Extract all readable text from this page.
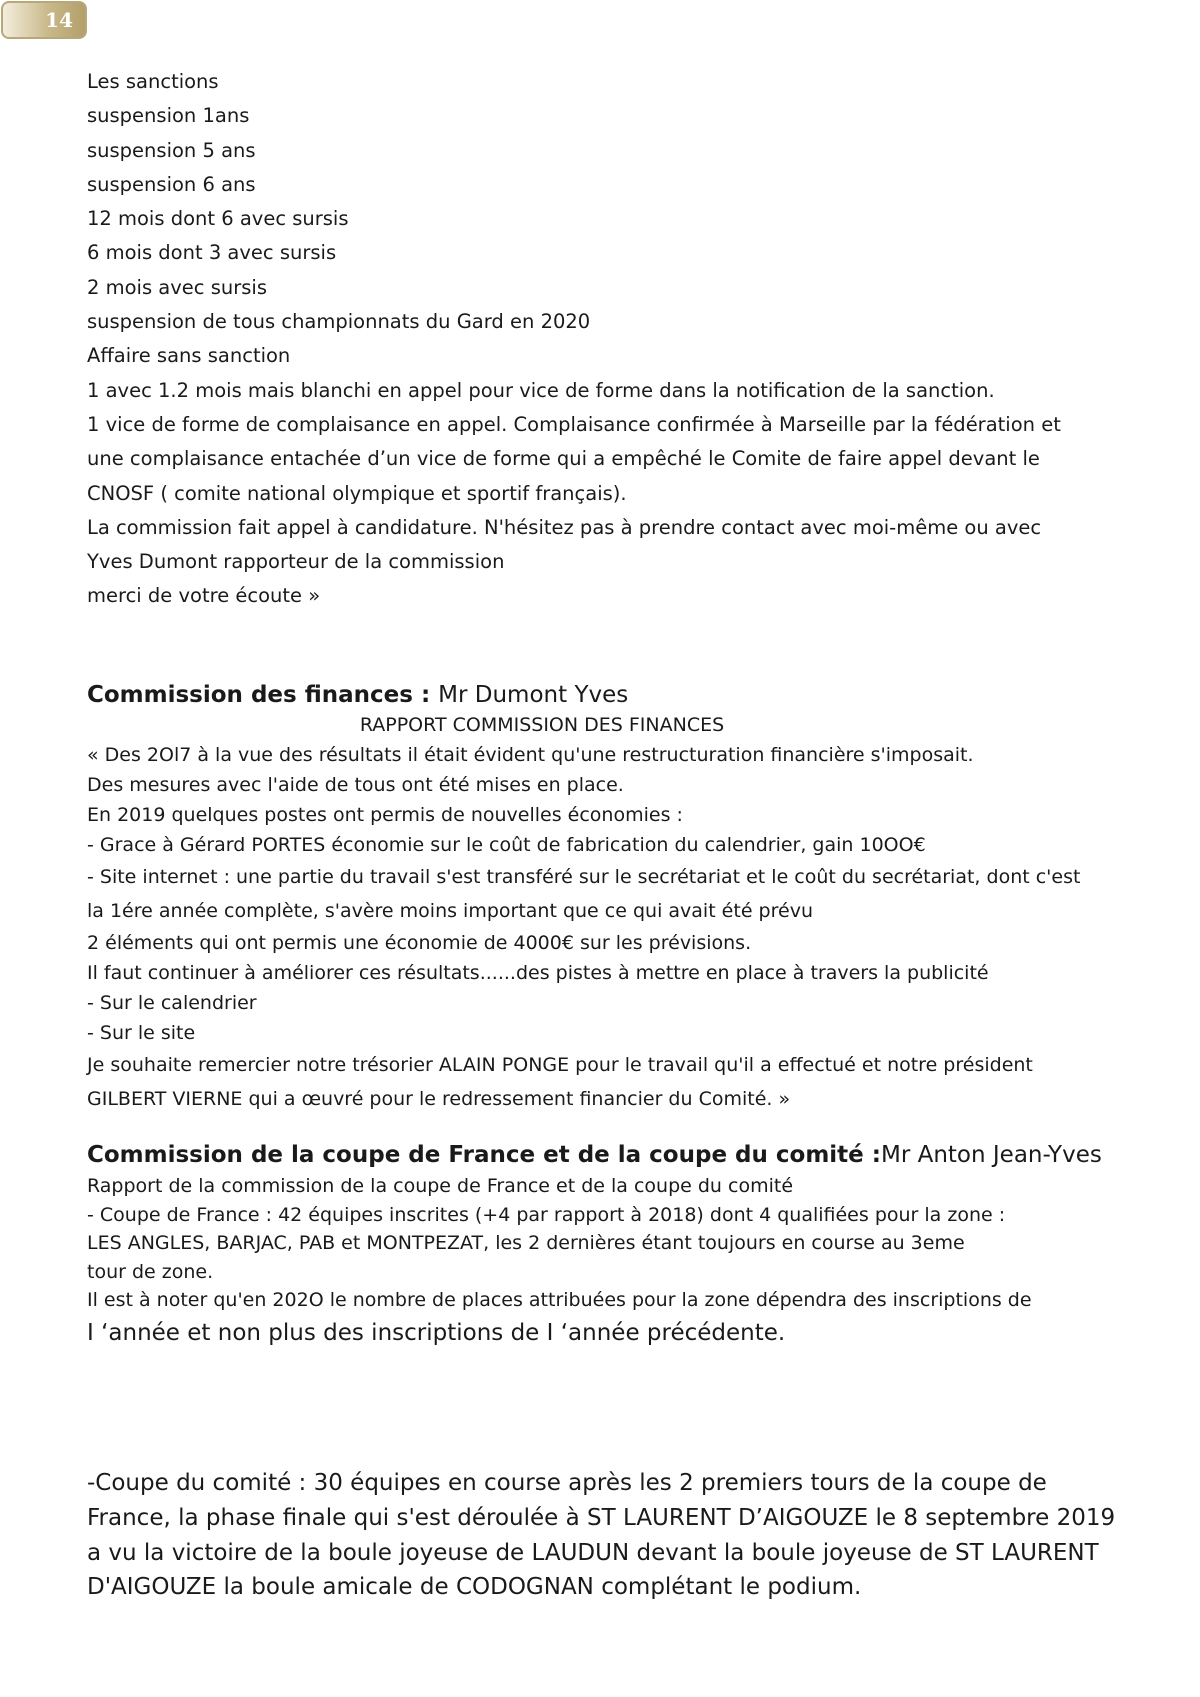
14
Les sanctions
suspension 1ans
suspension 5 ans
suspension 6 ans
12 mois dont 6 avec sursis
6 mois dont 3 avec sursis
2 mois avec sursis
suspension de tous championnats du Gard en 2020
Affaire sans sanction
1 avec 1.2 mois mais blanchi en appel pour vice de forme dans la notification de la sanction.
1 vice de forme de complaisance en appel. Complaisance confirmée à Marseille par la fédération et
une complaisance entachée d’un vice de forme qui a empêché le Comite de faire appel devant le
CNOSF ( comite national olympique et sportif français).
La commission fait appel à candidature. N'hésitez pas à prendre contact avec moi-même ou avec
Yves Dumont rapporteur de la commission
merci de votre écoute »
Commission des finances : Mr Dumont Yves
RAPPORT COMMISSION DES FINANCES
« Des 2Ol7 à la vue des résultats il était évident qu'une restructuration financière s'imposait.
Des mesures avec l'aide de tous ont été mises en place.
En 2019 quelques postes ont permis de nouvelles économies :
- Grace à Gérard PORTES économie sur le coût de fabrication du calendrier, gain 10OO€
- Site internet : une partie du travail s'est transféré sur le secrétariat et le coût du secrétariat, dont c'est
la 1ére année complète, s'avère moins important que ce qui avait été prévu
2 éléments qui ont permis une économie de 4000€ sur les prévisions.
Il faut continuer à améliorer ces résultats......des pistes à mettre en place à travers la publicité
- Sur le calendrier
- Sur le site
Je souhaite remercier notre trésorier ALAIN PONGE pour le travail qu'il a effectué et notre président
GILBERT VIERNE qui a œuvré pour le redressement financier du Comité. »
Commission de la coupe de France et de la coupe du comité :Mr Anton Jean-Yves
Rapport de la commission de la coupe de France et de la coupe du comité
- Coupe de France : 42 équipes inscrites (+4 par rapport à 2018) dont 4 qualifiées pour la zone :
LES ANGLES, BARJAC, PAB et MONTPEZAT, les 2 dernières étant toujours en course au 3eme
tour de zone.
Il est à noter qu'en 202O le nombre de places attribuées pour la zone dépendra des inscriptions de
I ‘année et non plus des inscriptions de I ‘année précédente.
-Coupe du comité : 30 équipes en course après les 2 premiers tours de la coupe de
France, la phase finale qui s'est déroulée à ST LAURENT D’AIGOUZE le 8 septembre 2019
a vu la victoire de la boule joyeuse de LAUDUN devant la boule joyeuse de ST LAURENT
D'AIGOUZE la boule amicale de CODOGNAN complétant le podium.
